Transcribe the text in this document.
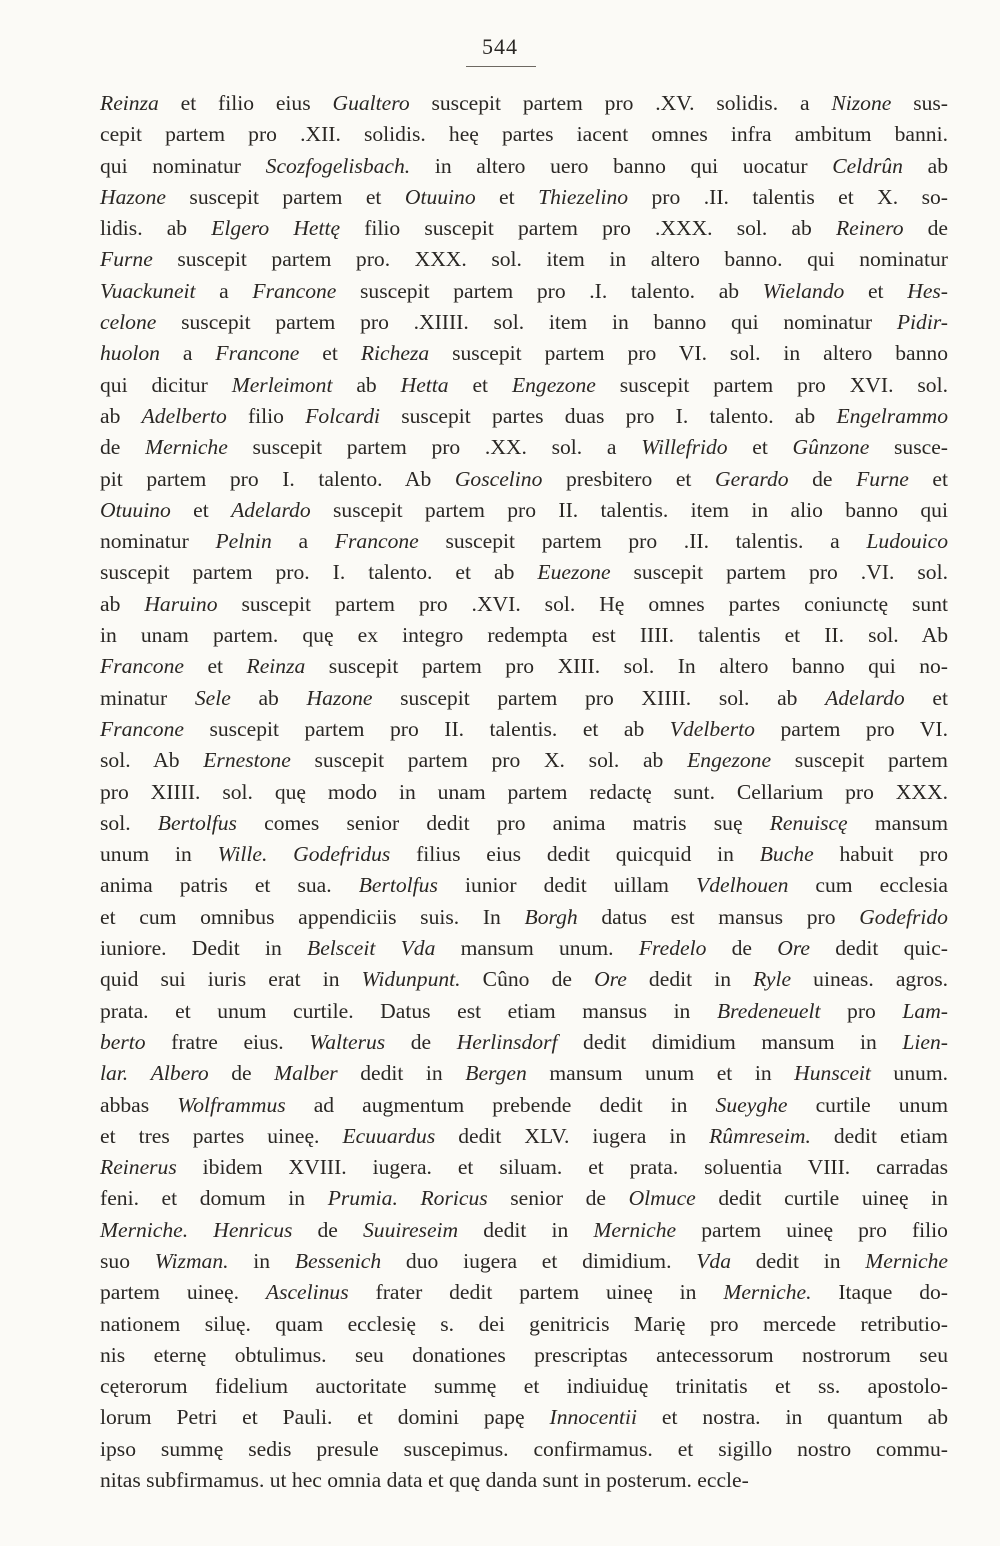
544
Reinza et filio eius Gualtero suscepit partem pro .XV. solidis. a Nizone sus-
cepit partem pro .XII. solidis. heę partes iacent omnes infra ambitum banni.
qui nominatur Scozfogelisbach. in altero uero banno qui uocatur Celdrûn ab
Hazone suscepit partem et Otuuino et Thiezelino pro .II. talentis et X. so-
lidis. ab Elgero Hettę filio suscepit partem pro .XXX. sol. ab Reinero de
Furne suscepit partem pro. XXX. sol. item in altero banno. qui nominatur
Vuackuneit a Francone suscepit partem pro .I. talento. ab Wielando et Hes-
celone suscepit partem pro .XIIII. sol. item in banno qui nominatur Pidir-
huolon a Francone et Richeza suscepit partem pro VI. sol. in altero banno
qui dicitur Merleimont ab Hetta et Engezone suscepit partem pro XVI. sol.
ab Adelberto filio Folcardi suscepit partes duas pro I. talento. ab Engelrammo
de Merniche suscepit partem pro .XX. sol. a Willefrido et Gûnzone susce-
pit partem pro I. talento. Ab Goscelino presbitero et Gerardo de Furne et
Otuuino et Adelardo suscepit partem pro II. talentis. item in alio banno qui
nominatur Pelnin a Francone suscepit partem pro .II. talentis. a Ludouico
suscepit partem pro. I. talento. et ab Euezone suscepit partem pro .VI. sol.
ab Haruino suscepit partem pro .XVI. sol. Hę omnes partes coniunctę sunt
in unam partem. quę ex integro redempta est IIII. talentis et II. sol. Ab
Francone et Reinza suscepit partem pro XIII. sol. In altero banno qui no-
minatur Sele ab Hazone suscepit partem pro XIIII. sol. ab Adelardo et
Francone suscepit partem pro II. talentis. et ab Vdelberto partem pro VI.
sol. Ab Ernestone suscepit partem pro X. sol. ab Engezone suscepit partem
pro XIIII. sol. quę modo in unam partem redactę sunt. Cellarium pro XXX.
sol. Bertolfus comes senior dedit pro anima matris suę Renuiscę mansum
unum in Wille. Godefridus filius eius dedit quicquid in Buche habuit pro
anima patris et sua. Bertolfus iunior dedit uillam Vdelhouen cum ecclesia
et cum omnibus appendiciis suis. In Borgh datus est mansus pro Godefrido
iuniore. Dedit in Belsceit Vda mansum unum. Fredelo de Ore dedit quic-
quid sui iuris erat in Widunpunt. Cûno de Ore dedit in Ryle uineas. agros.
prata. et unum curtile. Datus est etiam mansus in Bredeneuelt pro Lam-
berto fratre eius. Walterus de Herlinsdorf dedit dimidium mansum in Lien-
lar. Albero de Malber dedit in Bergen mansum unum et in Hunsceit unum.
abbas Wolframmus ad augmentum prebende dedit in Sueyghe curtile unum
et tres partes uineę. Ecuuardus dedit XLV. iugera in Rûmreseim. dedit etiam
Reinerus ibidem XVIII. iugera. et siluam. et prata. soluentia VIII. carradas
feni. et domum in Prumia. Roricus senior de Olmuce dedit curtile uineę in
Merniche. Henricus de Suuireseim dedit in Merniche partem uineę pro filio
suo Wizman. in Bessenich duo iugera et dimidium. Vda dedit in Merniche
partem uineę. Ascelinus frater dedit partem uineę in Merniche. Itaque do-
nationem siluę. quam ecclesię s. dei genitricis Marię pro mercede retributio-
nis eternę obtulimus. seu donationes prescriptas antecessorum nostrorum seu
cęterorum fidelium auctoritate summę et indiuiduę trinitatis et ss. apostolo-
lorum Petri et Pauli. et domini papę Innocentii et nostra. in quantum ab
ipso summę sedis presule suscepimus. confirmamus. et sigillo nostro commu-
nitas subfirmamus. ut hec omnia data et quę danda sunt in posterum. eccle-
